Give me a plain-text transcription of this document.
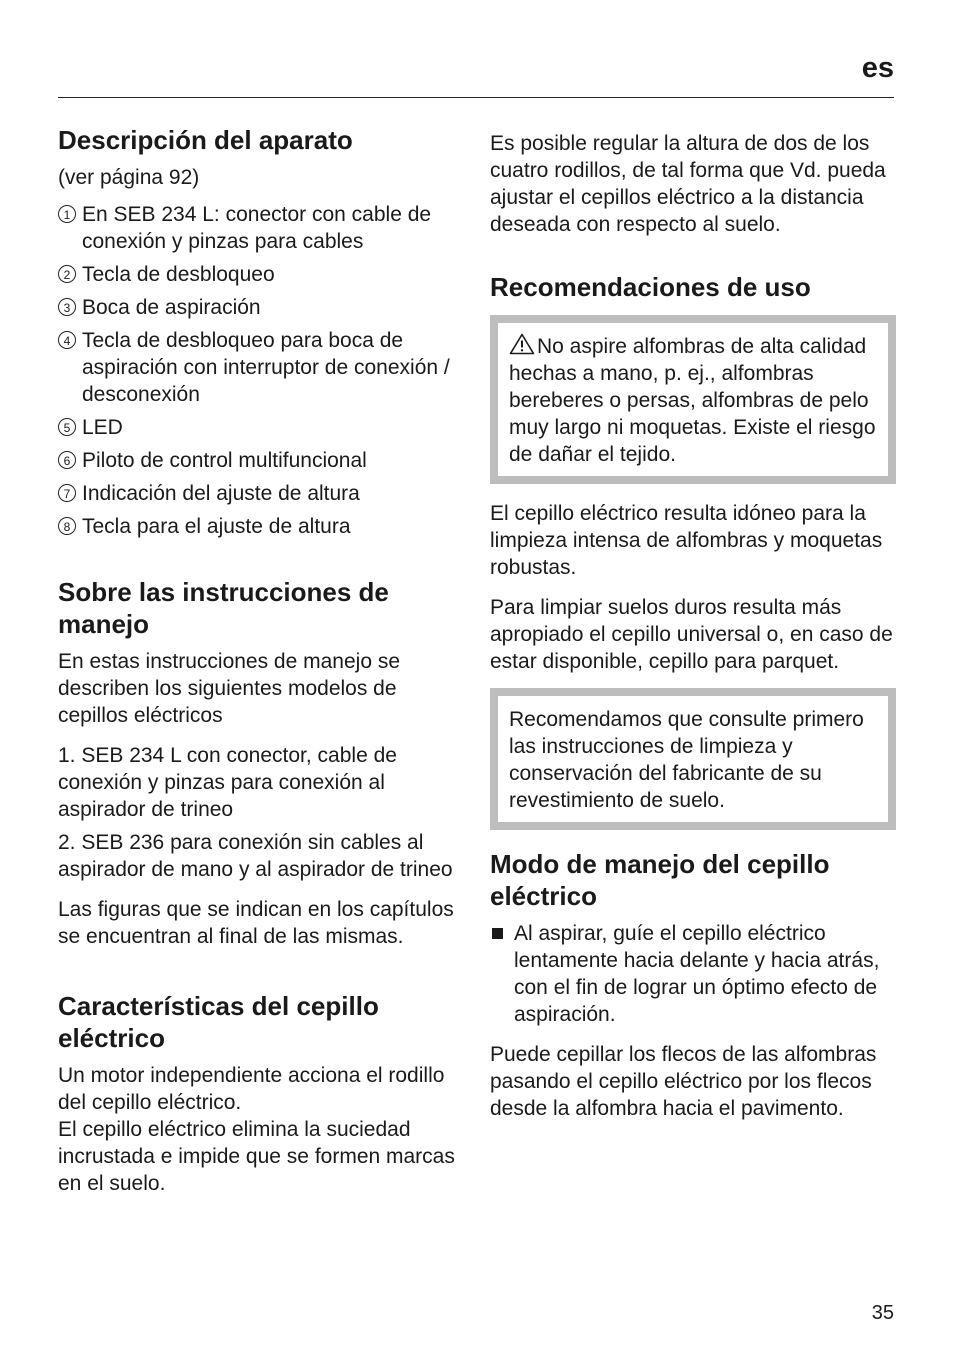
es
Descripción del aparato

(ver página 92)

1 En SEB 234 L: conector con cable de conexión y pinzas para cables
2 Tecla de desbloqueo
3 Boca de aspiración
4 Tecla de desbloqueo para boca de aspiración con interruptor de conexión / desconexión
5 LED
6 Piloto de control multifuncional
7 Indicación del ajuste de altura
8 Tecla para el ajuste de altura
Sobre las instrucciones de manejo

En estas instrucciones de manejo se describen los siguientes modelos de cepillos eléctricos

1. SEB 234 L con conector, cable de conexión y pinzas para conexión al aspirador de trineo

2. SEB 236 para conexión sin cables al aspirador de mano y al aspirador de trineo

Las figuras que se indican en los capítulos se encuentran al final de las mismas.

Características del cepillo eléctrico

Un motor independiente acciona el rodillo del cepillo eléctrico.
El cepillo eléctrico elimina la suciedad incrustada e impide que se formen marcas en el suelo.

Es posible regular la altura de dos de los cuatro rodillos, de tal forma que Vd. pueda ajustar el cepillos eléctrico a la distancia deseada con respecto al suelo.

Recomendaciones de uso

No aspire alfombras de alta calidad hechas a mano, p. ej., alfombras bereberes o persas, alfombras de pelo muy largo ni moquetas. Existe el riesgo de dañar el tejido.

El cepillo eléctrico resulta idóneo para la limpieza intensa de alfombras y moquetas robustas.

Para limpiar suelos duros resulta más apropiado el cepillo universal o, en caso de estar disponible, cepillo para parquet.

Recomendamos que consulte primero las instrucciones de limpieza y conservación del fabricante de su revestimiento de suelo.

Modo de manejo del cepillo eléctrico
Al aspirar, guíe el cepillo eléctrico lentamente hacia delante y hacia atrás, con el fin de lograr un óptimo efecto de aspiración.

Puede cepillar los flecos de las alfombras pasando el cepillo eléctrico por los flecos desde la alfombra hacia el pavimento.

35
